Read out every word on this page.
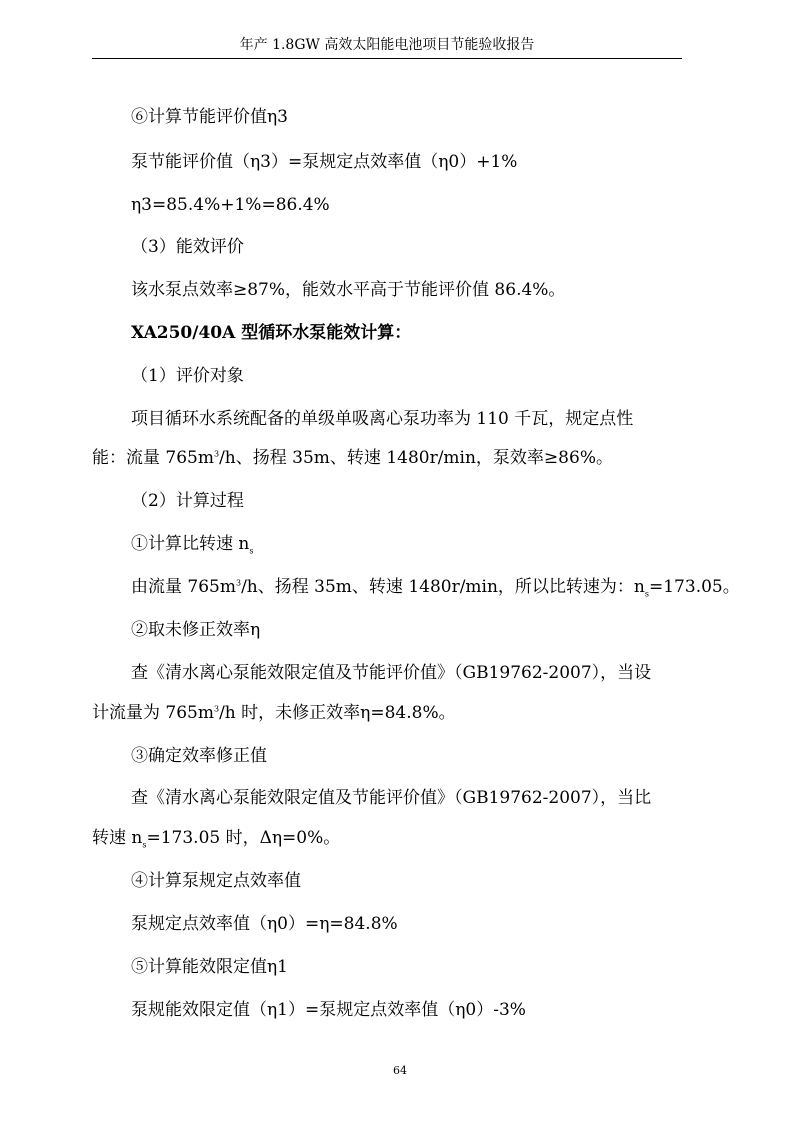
年产 1.8GW 高效太阳能电池项目节能验收报告
⑥计算节能评价值η3
泵节能评价值（η3）=泵规定点效率值（η0）+1%
η3=85.4%+1%=86.4%
（3）能效评价
该水泵点效率≥87%，能效水平高于节能评价值 86.4%。
XA250/40A 型循环水泵能效计算：
（1）评价对象
项目循环水系统配备的单级单吸离心泵功率为 110 千瓦，规定点性
能：流量 $765m^3/h$、扬程 35m、转速 1480r/min，泵效率≥86%。
（2）计算过程
①计算比转速 $n_s$
由流量 $765m^3/h$、扬程 35m、转速 1480r/min，所以比转速为：$n_s=173.05$。
②取未修正效率η
查《清水离心泵能效限定值及节能评价值》（GB19762-2007），当设
计流量为 $765m^3/h$ 时，未修正效率η=84.8%。
③确定效率修正值
查《清水离心泵能效限定值及节能评价值》（GB19762-2007），当比
转速 $n_s=173.05$ 时，Δη=0%。
④计算泵规定点效率值
泵规定点效率值（η0）=η=84.8%
⑤计算能效限定值η1
泵规能效限定值（η1）=泵规定点效率值（η0）-3%
64
